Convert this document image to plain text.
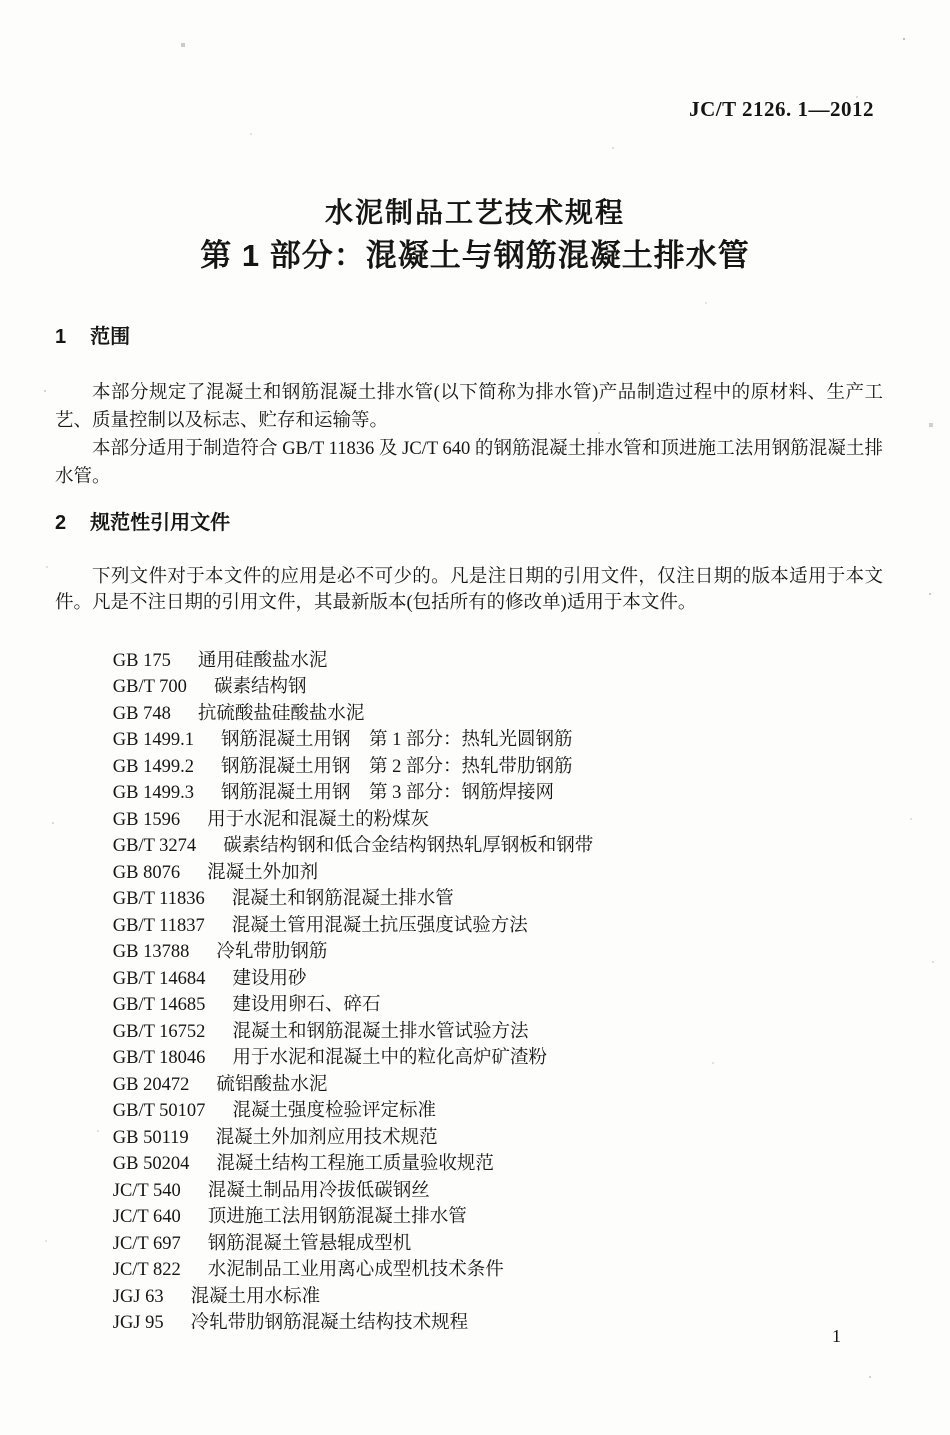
JC/T 2126. 1—2012
水泥制品工艺技术规程
第 1 部分：混凝土与钢筋混凝土排水管
1 范围

本部分规定了混凝土和钢筋混凝土排水管(以下简称为排水管)产品制造过程中的原材料、生产工艺、质量控制以及标志、贮存和运输等。

本部分适用于制造符合 GB/T 11836 及 JC/T 640 的钢筋混凝土排水管和顶进施工法用钢筋混凝土排水管。

2 规范性引用文件

下列文件对于本文件的应用是必不可少的。凡是注日期的引用文件，仅注日期的版本适用于本文件。凡是不注日期的引用文件，其最新版本(包括所有的修改单)适用于本文件。

GB 175 通用硅酸盐水泥

GB/T 700 碳素结构钢

GB 748 抗硫酸盐硅酸盐水泥

GB 1499.1 钢筋混凝土用钢　第 1 部分：热轧光圆钢筋

GB 1499.2 钢筋混凝土用钢　第 2 部分：热轧带肋钢筋

GB 1499.3 钢筋混凝土用钢　第 3 部分：钢筋焊接网

GB 1596 用于水泥和混凝土的粉煤灰

GB/T 3274 碳素结构钢和低合金结构钢热轧厚钢板和钢带

GB 8076 混凝土外加剂

GB/T 11836 混凝土和钢筋混凝土排水管

GB/T 11837 混凝土管用混凝土抗压强度试验方法

GB 13788 冷轧带肋钢筋

GB/T 14684 建设用砂

GB/T 14685 建设用卵石、碎石

GB/T 16752 混凝土和钢筋混凝土排水管试验方法

GB/T 18046 用于水泥和混凝土中的粒化高炉矿渣粉

GB 20472 硫铝酸盐水泥

GB/T 50107 混凝土强度检验评定标准

GB 50119 混凝土外加剂应用技术规范

GB 50204 混凝土结构工程施工质量验收规范

JC/T 540 混凝土制品用冷拔低碳钢丝

JC/T 640 顶进施工法用钢筋混凝土排水管

JC/T 697 钢筋混凝土管悬辊成型机

JC/T 822 水泥制品工业用离心成型机技术条件

JGJ 63 混凝土用水标准

JGJ 95 冷轧带肋钢筋混凝土结构技术规程

1
